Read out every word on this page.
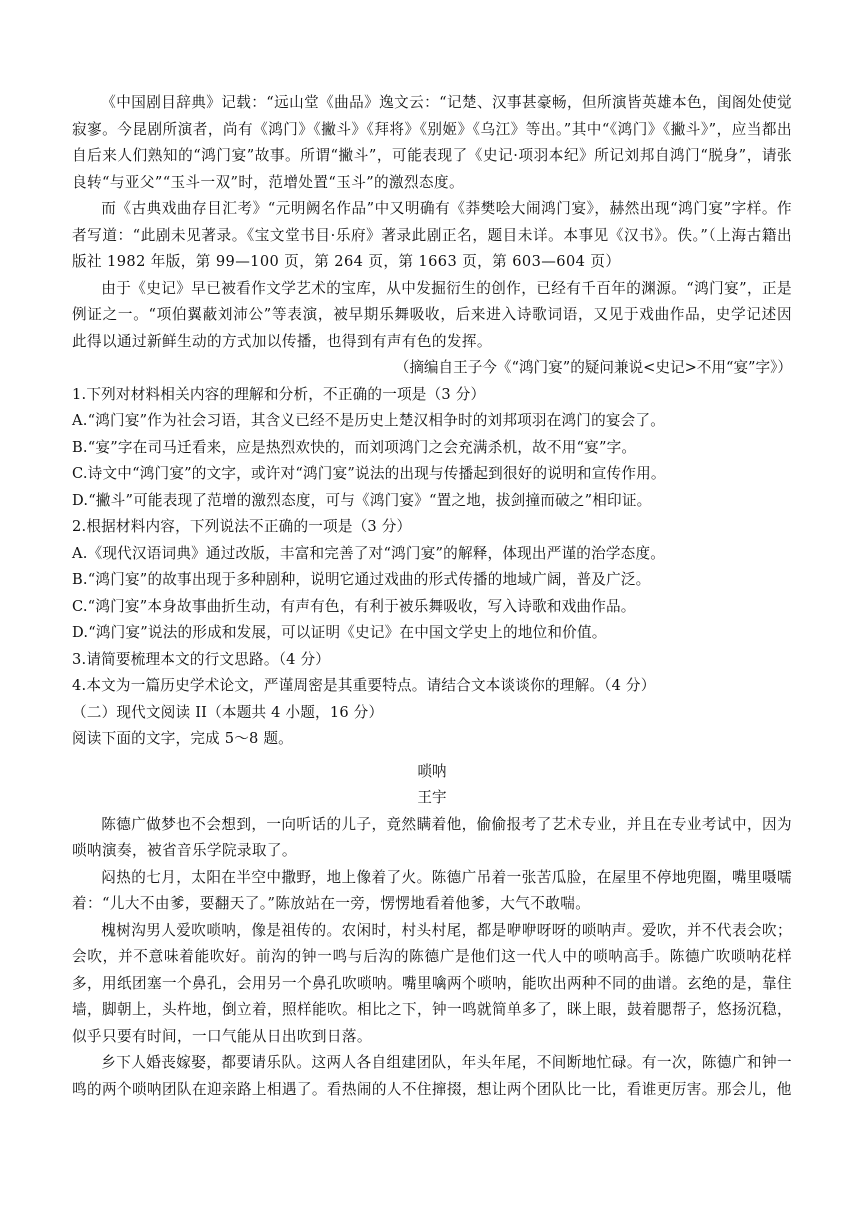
《中国剧目辞典》记载：“远山堂《曲品》逸文云：“记楚、汉事甚豪畅，但所演皆英雄本色，闺阁处使觉寂寥。今昆剧所演者，尚有《鸿门》《撇斗》《拜将》《别姬》《乌江》等出。”其中“《鸿门》《撇斗》”，应当都出自后来人们熟知的“鸿门宴”故事。所谓“撇斗”，可能表现了《史记·项羽本纪》所记刘邦自鸿门“脱身”，请张良转“与亚父”“玉斗一双”时，范增处置“玉斗”的激烈态度。

而《古典戏曲存目汇考》“元明阙名作品”中又明确有《莽樊哙大闹鸿门宴》，赫然出现“鸿门宴”字样。作者写道：“此剧未见著录。《宝文堂书目·乐府》著录此剧正名，题目未详。本事见《汉书》。佚。”（上海古籍出版社 1982 年版，第 99—100 页，第 264 页，第 1663 页，第 603—604 页）

由于《史记》早已被看作文学艺术的宝库，从中发掘衍生的创作，已经有千百年的渊源。“鸿门宴”，正是例证之一。“项伯翼蔽刘沛公”等表演，被早期乐舞吸收，后来进入诗歌词语，又见于戏曲作品，史学记述因此得以通过新鲜生动的方式加以传播，也得到有声有色的发挥。

（摘编自王子今《“鸿门宴”的疑问兼说<史记>不用“宴”字》）

1.下列对材料相关内容的理解和分析，不正确的一项是（3 分）

A.“鸿门宴”作为社会习语，其含义已经不是历史上楚汉相争时的刘邦项羽在鸿门的宴会了。

B.“宴”字在司马迁看来，应是热烈欢快的，而刘项鸿门之会充满杀机，故不用“宴”字。

C.诗文中“鸿门宴”的文字，或许对“鸿门宴”说法的出现与传播起到很好的说明和宣传作用。

D.“撇斗”可能表现了范增的激烈态度，可与《鸿门宴》“置之地，拔剑撞而破之”相印证。

2.根据材料内容，下列说法不正确的一项是（3 分）

A.《现代汉语词典》通过改版，丰富和完善了对“鸿门宴”的解释，体现出严谨的治学态度。

B.“鸿门宴”的故事出现于多种剧种，说明它通过戏曲的形式传播的地域广阔，普及广泛。

C.“鸿门宴”本身故事曲折生动，有声有色，有利于被乐舞吸收，写入诗歌和戏曲作品。

D.“鸿门宴”说法的形成和发展，可以证明《史记》在中国文学史上的地位和价值。

3.请简要梳理本文的行文思路。（4 分）

4.本文为一篇历史学术论文，严谨周密是其重要特点。请结合文本谈谈你的理解。（4 分）

（二）现代文阅读 II（本题共 4 小题，16 分）

阅读下面的文字，完成 5～8 题。

唢呐

王宇

陈德广做梦也不会想到，一向听话的儿子，竟然瞒着他，偷偷报考了艺术专业，并且在专业考试中，因为唢呐演奏，被省音乐学院录取了。

闷热的七月，太阳在半空中撒野，地上像着了火。陈德广吊着一张苦瓜脸，在屋里不停地兜圈，嘴里嗫嚅着：“儿大不由爹，要翻天了。”陈放站在一旁，愣愣地看着他爹，大气不敢喘。

槐树沟男人爱吹唢呐，像是祖传的。农闲时，村头村尾，都是咿咿呀呀的唢呐声。爱吹，并不代表会吹；会吹，并不意味着能吹好。前沟的钟一鸣与后沟的陈德广是他们这一代人中的唢呐高手。陈德广吹唢呐花样多，用纸团塞一个鼻孔，会用另一个鼻孔吹唢呐。嘴里噙两个唢呐，能吹出两种不同的曲谱。玄绝的是，靠住墙，脚朝上，头杵地，倒立着，照样能吹。相比之下，钟一鸣就简单多了，眯上眼，鼓着腮帮子，悠扬沉稳，似乎只要有时间，一口气能从日出吹到日落。

乡下人婚丧嫁娶，都要请乐队。这两人各自组建团队，年头年尾，不间断地忙碌。有一次，陈德广和钟一鸣的两个唢呐团队在迎亲路上相遇了。看热闹的人不住撺掇，想让两个团队比一比，看谁更厉害。那会儿，他
